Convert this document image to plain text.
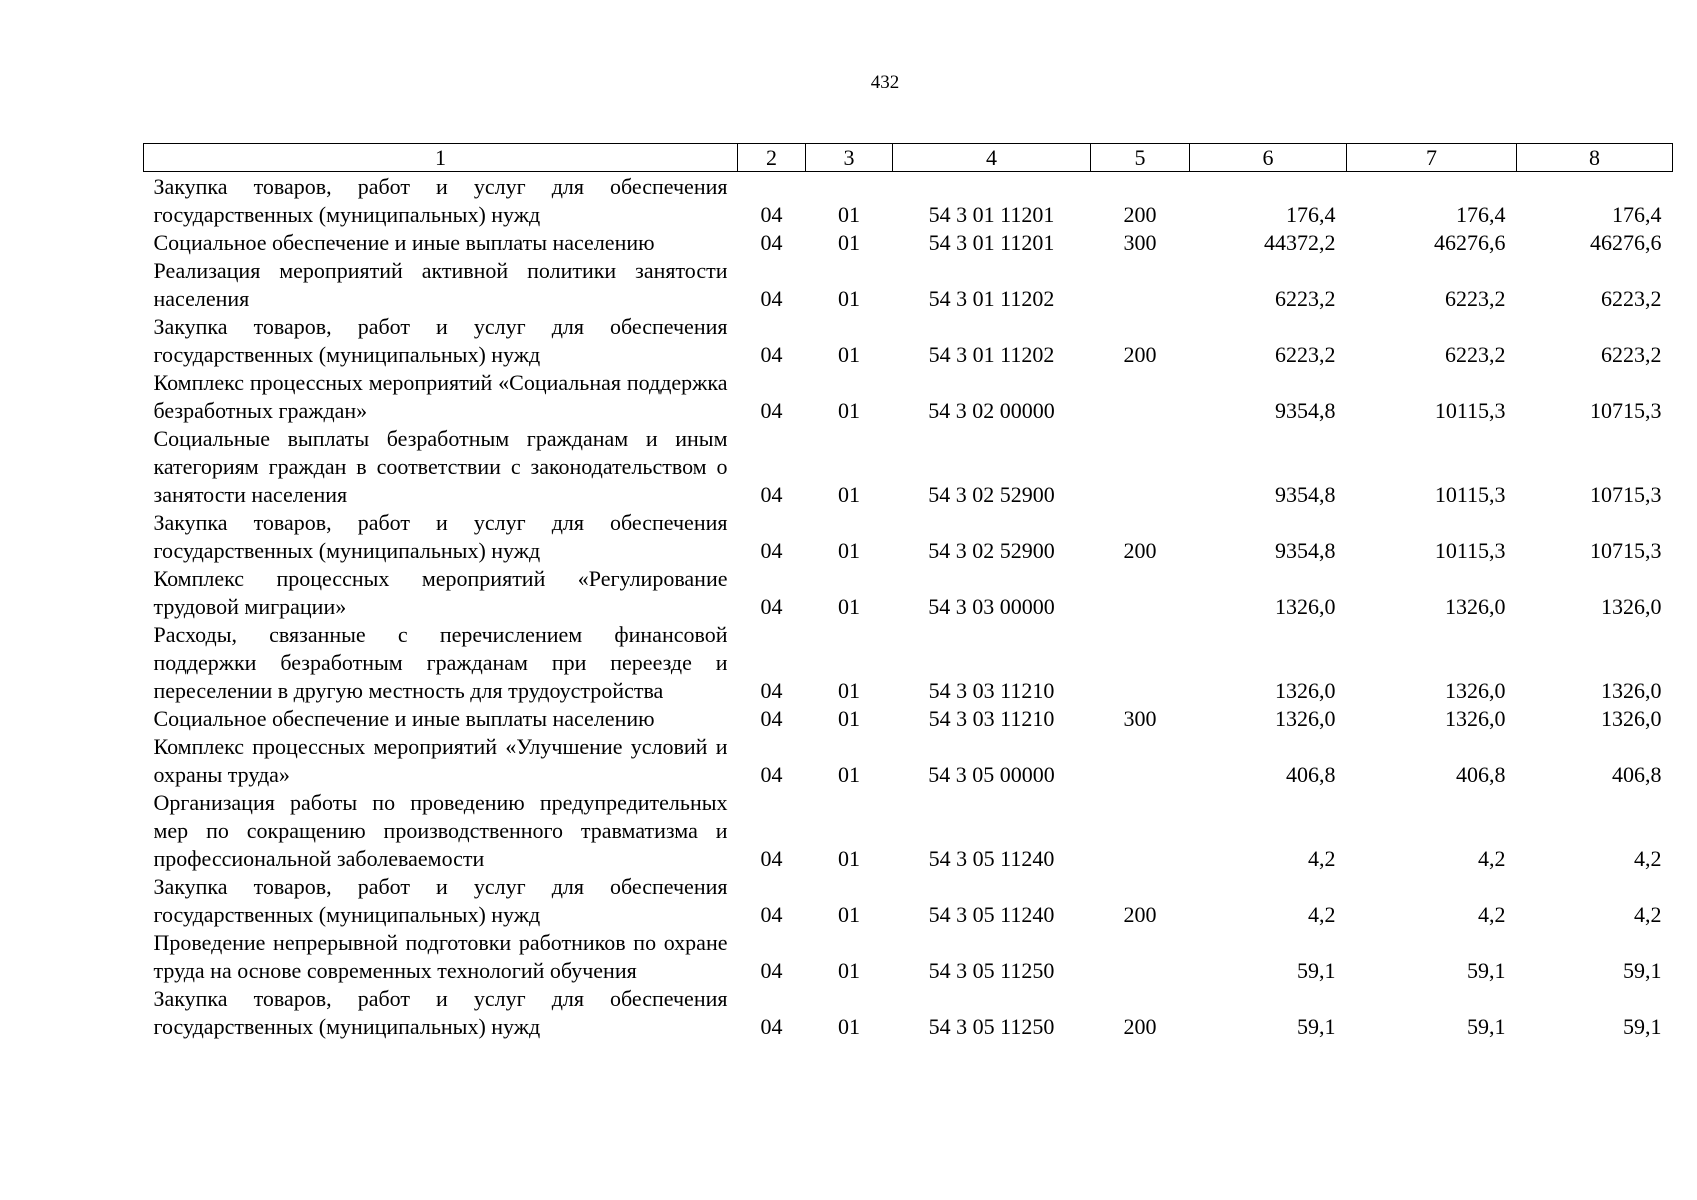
432
1	2	3	4	5	6	7	8
Закупка товаров, работ и услуг для обеспечения государственных (муниципальных) нужд	04	01	54 3 01 11201	200	176,4	176,4	176,4
Социальное обеспечение и иные выплаты населению	04	01	54 3 01 11201	300	44372,2	46276,6	46276,6
Реализация мероприятий активной политики занятости населения	04	01	54 3 01 11202		6223,2	6223,2	6223,2
Закупка товаров, работ и услуг для обеспечения государственных (муниципальных) нужд	04	01	54 3 01 11202	200	6223,2	6223,2	6223,2
Комплекс процессных мероприятий «Социальная поддержка безработных граждан»	04	01	54 3 02 00000		9354,8	10115,3	10715,3
Социальные выплаты безработным гражданам и иным категориям граждан в соответствии с законодательством о занятости населения	04	01	54 3 02 52900		9354,8	10115,3	10715,3
Закупка товаров, работ и услуг для обеспечения государственных (муниципальных) нужд	04	01	54 3 02 52900	200	9354,8	10115,3	10715,3
Комплекс процессных мероприятий «Регулирование трудовой миграции»	04	01	54 3 03 00000		1326,0	1326,0	1326,0
Расходы, связанные с перечислением финансовой поддержки безработным гражданам при переезде и переселении в другую местность для трудоустройства	04	01	54 3 03 11210		1326,0	1326,0	1326,0
Социальное обеспечение и иные выплаты населению	04	01	54 3 03 11210	300	1326,0	1326,0	1326,0
Комплекс процессных мероприятий «Улучшение условий и охраны труда»	04	01	54 3 05 00000		406,8	406,8	406,8
Организация работы по проведению предупредительных мер по сокращению производственного травматизма и профессиональной заболеваемости	04	01	54 3 05 11240		4,2	4,2	4,2
Закупка товаров, работ и услуг для обеспечения государственных (муниципальных) нужд	04	01	54 3 05 11240	200	4,2	4,2	4,2
Проведение непрерывной подготовки работников по охране труда на основе современных технологий обучения	04	01	54 3 05 11250		59,1	59,1	59,1
Закупка товаров, работ и услуг для обеспечения государственных (муниципальных) нужд	04	01	54 3 05 11250	200	59,1	59,1	59,1
